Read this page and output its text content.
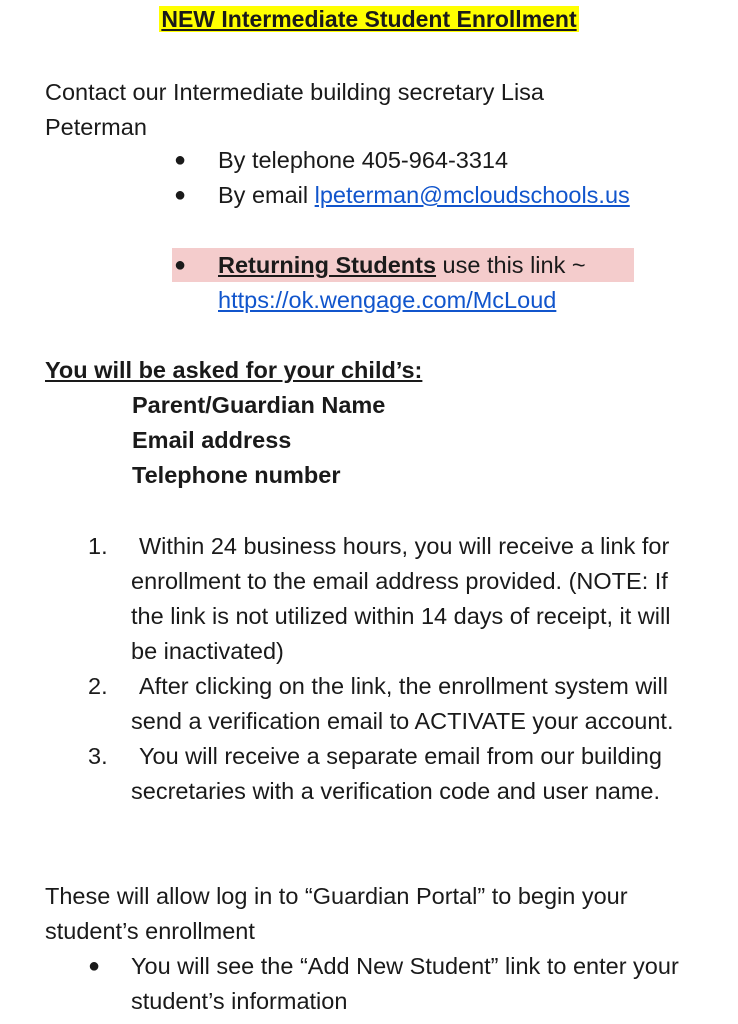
NEW Intermediate Student Enrollment
Contact our Intermediate building secretary Lisa Peterman
● By telephone 405-964-3314
● By email lpeterman@mcloudschools.us
● Returning Students use this link ~
https://ok.wengage.com/McLoud
You will be asked for your child’s:
Parent/Guardian Name
Email address
Telephone number
1. Within 24 business hours, you will receive a link for enrollment to the email address provided. (NOTE: If the link is not utilized within 14 days of receipt, it will be inactivated)
2. After clicking on the link, the enrollment system will send a verification email to ACTIVATE your account.
3. You will receive a separate email from our building secretaries with a verification code and user name.
These will allow log in to “Guardian Portal” to begin your student’s enrollment
● You will see the “Add New Student” link to enter your student’s information
